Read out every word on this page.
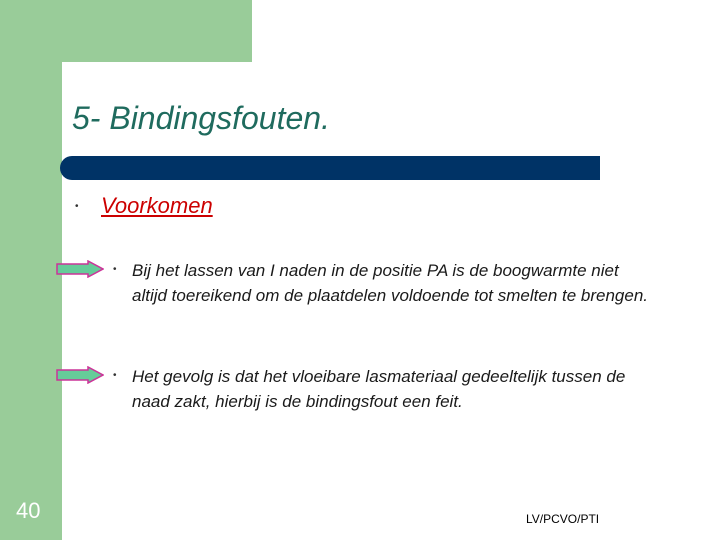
5- Bindingsfouten.
• Voorkomen
• Bij het lassen van I naden in de positie PA is de boogwarmte niet altijd toereikend om de plaatdelen voldoende tot smelten te brengen.

• Het gevolg is dat het vloeibare lasmateriaal gedeeltelijk tussen de naad zakt, hierbij is de bindingsfout een feit.

40	LV/PCVO/PTI
